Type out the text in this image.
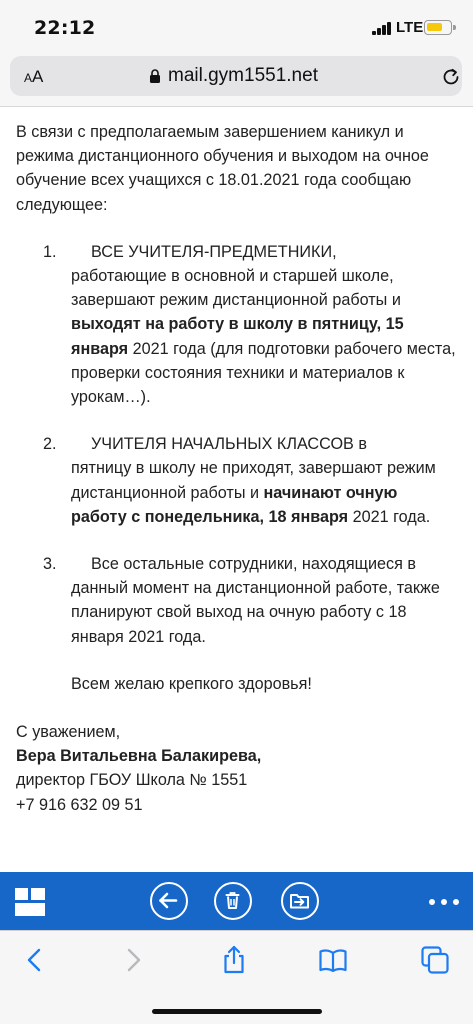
22:12	LTE
AA	mail.gym1551.net

В связи с предполагаемым завершением каникул и режима дистанционного обучения и выходом на очное обучение всех учащихся с 18.01.2021 года сообщаю следующее:

1.	ВСЕ УЧИТЕЛЯ-ПРЕДМЕТНИКИ,
работающие в основной и старшей школе, завершают режим дистанционной работы и выходят на работу в школу в пятницу, 15 января 2021 года (для подготовки рабочего места, проверки состояния техники и материалов к урокам…).
2.	УЧИТЕЛЯ НАЧАЛЬНЫХ КЛАССОВ в
пятницу в школу не приходят, завершают режим дистанционной работы и начинают очную работу с понедельника, 18 января 2021 года.
3.	Все остальные сотрудники, находящиеся в
данный момент на дистанционной работе, также планируют свой выход на очную работу с 18 января 2021 года.

Всем желаю крепкого здоровья!

С уважением,
Вера Витальевна Балакирева,
директор ГБОУ Школа № 1551
+7 916 632 09 51
